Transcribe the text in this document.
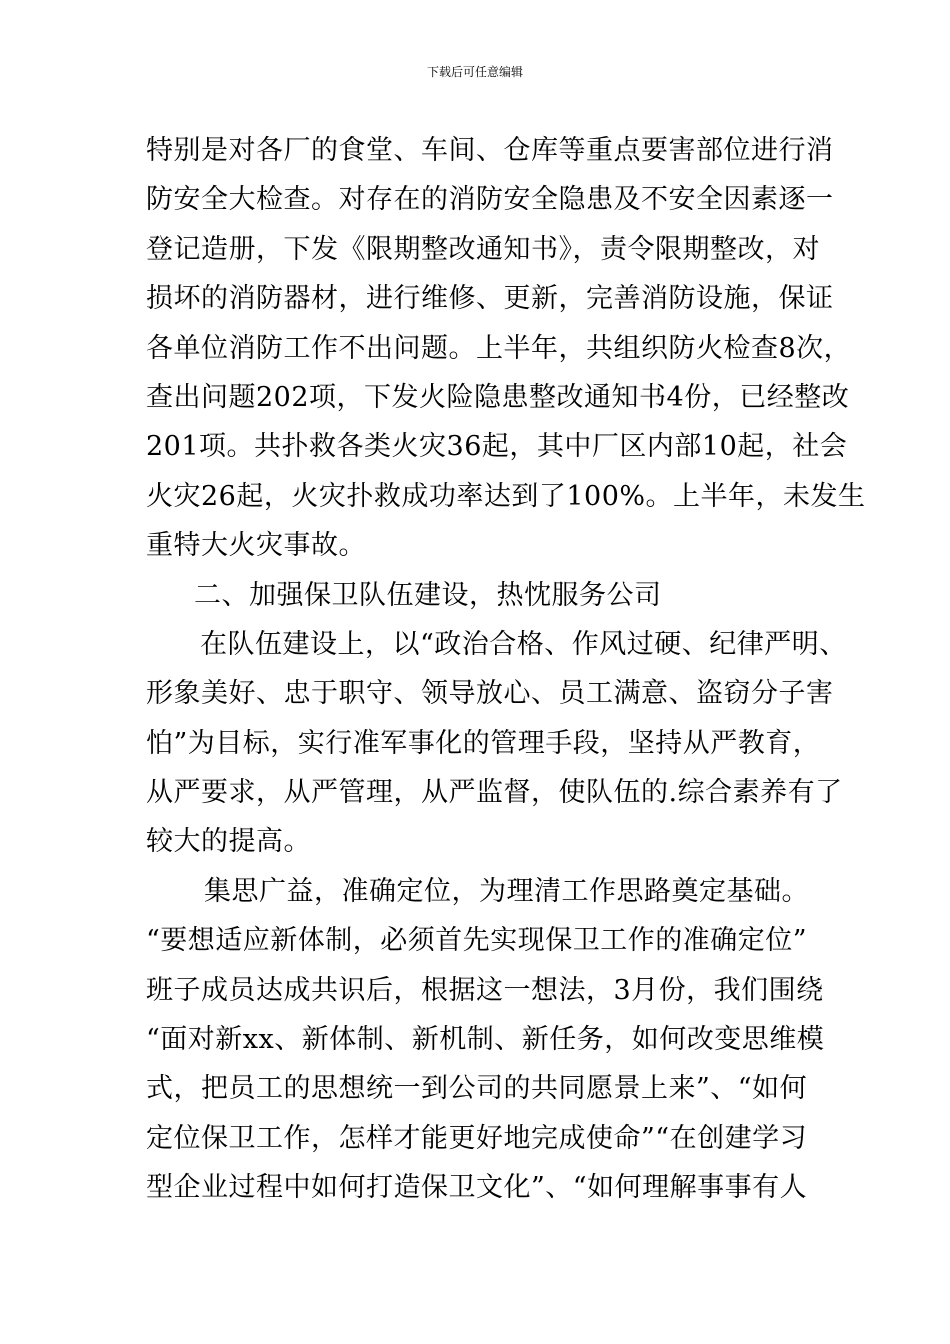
下载后可任意编辑
特别是对各厂的食堂、车间、仓库等重点要害部位进行消
防安全大检查。对存在的消防安全隐患及不安全因素逐一
登记造册，下发《限期整改通知书》，责令限期整改，对
损坏的消防器材，进行维修、更新，完善消防设施，保证
各单位消防工作不出问题。上半年，共组织防火检查8次，
查出问题202项，下发火险隐患整改通知书4份，已经整改
201项。共扑救各类火灾36起，其中厂区内部10起，社会
火灾26起，火灾扑救成功率达到了100%。上半年，未发生
重特大火灾事故。
二、加强保卫队伍建设，热忱服务公司
在队伍建设上，以“政治合格、作风过硬、纪律严明、
形象美好、忠于职守、领导放心、员工满意、盗窃分子害
怕”为目标，实行准军事化的管理手段，坚持从严教育，
从严要求，从严管理，从严监督，使队伍的.综合素养有了
较大的提高。
集思广益，准确定位，为理清工作思路奠定基础。
“要想适应新体制，必须首先实现保卫工作的准确定位”
班子成员达成共识后，根据这一想法，3月份，我们围绕
“面对新xx、新体制、新机制、新任务，如何改变思维模
式，把员工的思想统一到公司的共同愿景上来”、“如何
定位保卫工作，怎样才能更好地完成使命”“在创建学习
型企业过程中如何打造保卫文化”、“如何理解事事有人
